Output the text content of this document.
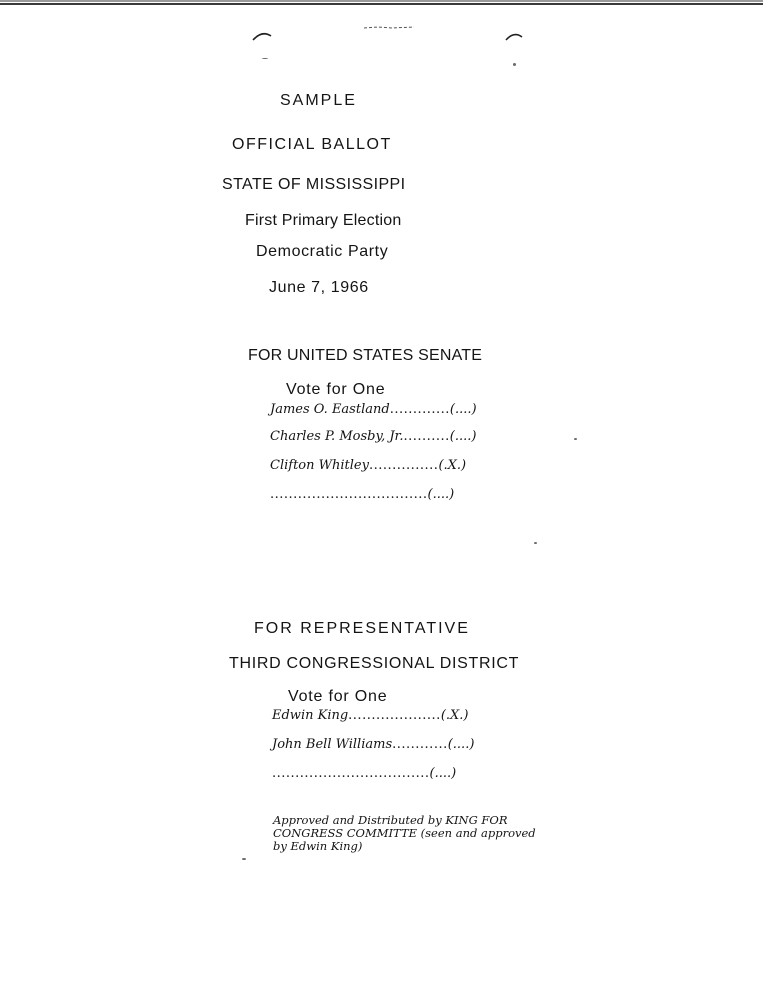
SAMPLE
OFFICIAL BALLOT
STATE OF MISSISSIPPI
First Primary Election
Democratic Party
June 7, 1966
FOR UNITED STATES SENATE
Vote for One
James O. Eastland.............(....)
Charles P. Mosby, Jr...........(....)
Clifton Whitley...............(.X.)
..................................(....)
FOR REPRESENTATIVE
THIRD CONGRESSIONAL DISTRICT
Vote for One
Edwin King....................(.X.)
John Bell Williams............(....)
..................................(....)
Approved and Distributed by KING FOR
CONGRESS COMMITTE (seen and approved
by Edwin King)
